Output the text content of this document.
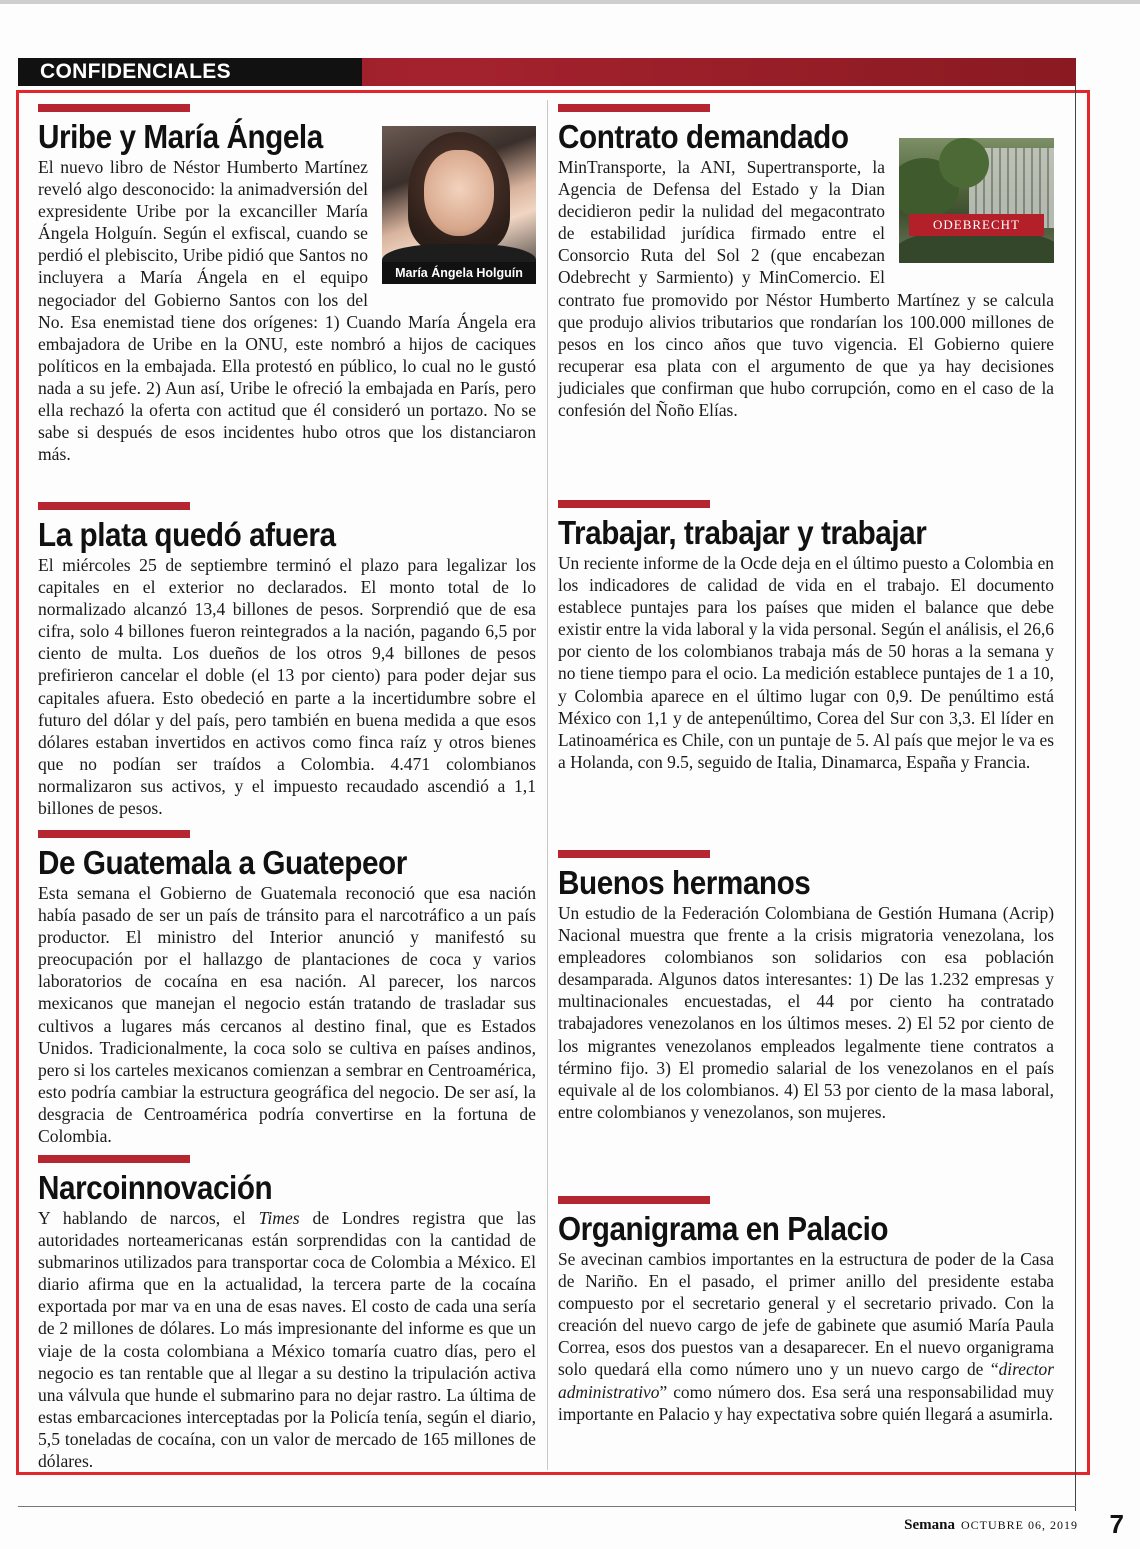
CONFIDENCIALES
Uribe y María Ángela
María Ángela Holguín

El nuevo libro de Néstor Humberto Martínez reveló algo desconocido: la animadversión del expresidente Uribe por la excanciller María Ángela Holguín. Según el exfiscal, cuando se perdió el plebiscito, Uribe pidió que Santos no incluyera a María Ángela en el equipo negociador del Gobierno Santos con los del No. Esa enemistad tiene dos orígenes: 1) Cuando María Ángela era embajadora de Uribe en la ONU, este nombró a hijos de caciques políticos en la embajada. Ella protestó en público, lo cual no le gustó nada a su jefe. 2) Aun así, Uribe le ofreció la embajada en París, pero ella rechazó la oferta con actitud que él consideró un portazo. No se sabe si después de esos incidentes hubo otros que los distanciaron más.

La plata quedó afuera

El miércoles 25 de septiembre terminó el plazo para legalizar los capitales en el exterior no declarados. El monto total de lo normalizado alcanzó 13,4 billones de pesos. Sorprendió que de esa cifra, solo 4 billones fueron reintegrados a la nación, pagando 6,5 por ciento de multa. Los dueños de los otros 9,4 billones de pesos prefirieron cancelar el doble (el 13 por ciento) para poder dejar sus capitales afuera. Esto obedeció en parte a la incertidumbre sobre el futuro del dólar y del país, pero también en buena medida a que esos dólares estaban invertidos en activos como finca raíz y otros bienes que no podían ser traídos a Colombia. 4.471 colombianos normalizaron sus activos, y el impuesto recaudado ascendió a 1,1 billones de pesos.

De Guatemala a Guatepeor

Esta semana el Gobierno de Guatemala reconoció que esa nación había pasado de ser un país de tránsito para el narcotráfico a un país productor. El ministro del Interior anunció y manifestó su preocupación por el hallazgo de plantaciones de coca y varios laboratorios de cocaína en esa nación. Al parecer, los narcos mexicanos que manejan el negocio están tratando de trasladar sus cultivos a lugares más cercanos al destino final, que es Estados Unidos. Tradicionalmente, la coca solo se cultiva en países andinos, pero si los carteles mexicanos comienzan a sembrar en Centroamérica, esto podría cambiar la estructura geográfica del negocio. De ser así, la desgracia de Centroamérica podría convertirse en la fortuna de Colombia.

Narcoinnovación

Y hablando de narcos, el Times de Londres registra que las autoridades norteamericanas están sorprendidas con la cantidad de submarinos utilizados para transportar coca de Colombia a México. El diario afirma que en la actualidad, la tercera parte de la cocaína exportada por mar va en una de esas naves. El costo de cada una sería de 2 millones de dólares. Lo más impresionante del informe es que un viaje de la costa colombiana a México tomaría cuatro días, pero el negocio es tan rentable que al llegar a su destino la tripulación activa una válvula que hunde el submarino para no dejar rastro. La última de estas embarcaciones interceptadas por la Policía tenía, según el diario, 5,5 toneladas de cocaína, con un valor de mercado de 165 millones de dólares.

Contrato demandado
ODEBRECHT

MinTransporte, la ANI, Supertransporte, la Agencia de Defensa del Estado y la Dian decidieron pedir la nulidad del megacontrato de estabilidad jurídica firmado entre el Consorcio Ruta del Sol 2 (que encabezan Odebrecht y Sarmiento) y MinComercio. El contrato fue promovido por Néstor Humberto Martínez y se calcula que produjo alivios tributarios que rondarían los 100.000 millones de pesos en los cinco años que tuvo vigencia. El Gobierno quiere recuperar esa plata con el argumento de que ya hay decisiones judiciales que confirman que hubo corrupción, como en el caso de la confesión del Ñoño Elías.

Trabajar, trabajar y trabajar

Un reciente informe de la Ocde deja en el último puesto a Colombia en los indicadores de calidad de vida en el trabajo. El documento establece puntajes para los países que miden el balance que debe existir entre la vida laboral y la vida personal. Según el análisis, el 26,6 por ciento de los colombianos trabaja más de 50 horas a la semana y no tiene tiempo para el ocio. La medición establece puntajes de 1 a 10, y Colombia aparece en el último lugar con 0,9. De penúltimo está México con 1,1 y de antepenúltimo, Corea del Sur con 3,3. El líder en Latinoamérica es Chile, con un puntaje de 5. Al país que mejor le va es a Holanda, con 9.5, seguido de Italia, Dinamarca, España y Francia.

Buenos hermanos

Un estudio de la Federación Colombiana de Gestión Humana (Acrip) Nacional muestra que frente a la crisis migratoria venezolana, los empleadores colombianos son solidarios con esa población desamparada. Algunos datos interesantes: 1) De las 1.232 empresas y multinacionales encuestadas, el 44 por ciento ha contratado trabajadores venezolanos en los últimos meses. 2) El 52 por ciento de los migrantes venezolanos empleados legalmente tiene contratos a término fijo. 3) El promedio salarial de los venezolanos en el país equivale al de los colombianos. 4) El 53 por ciento de la masa laboral, entre colombianos y venezolanos, son mujeres.

Organigrama en Palacio

Se avecinan cambios importantes en la estructura de poder de la Casa de Nariño. En el pasado, el primer anillo del presidente estaba compuesto por el secretario general y el secretario privado. Con la creación del nuevo cargo de jefe de gabinete que asumió María Paula Correa, esos dos puestos van a desaparecer. En el nuevo organigrama solo quedará ella como número uno y un nuevo cargo de “director administrativo” como número dos. Esa será una responsabilidad muy importante en Palacio y hay expectativa sobre quién llegará a asumirla.

Semana OCTUBRE 06, 2019 7
